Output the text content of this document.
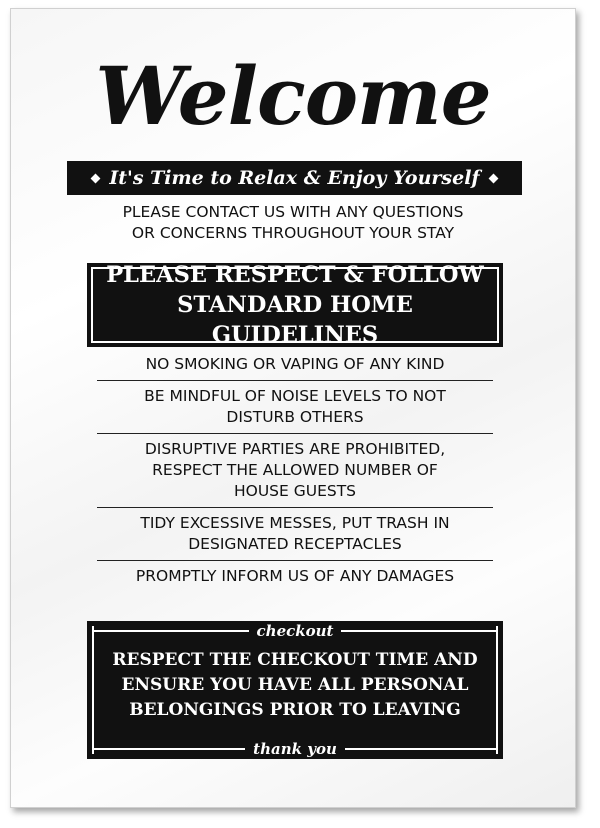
Welcome
It's Time to Relax & Enjoy Yourself
PLEASE CONTACT US WITH ANY QUESTIONS
OR CONCERNS THROUGHOUT YOUR STAY
PLEASE RESPECT & FOLLOW
STANDARD HOME GUIDELINES
NO SMOKING OR VAPING OF ANY KIND
BE MINDFUL OF NOISE LEVELS TO NOT
DISTURB OTHERS
DISRUPTIVE PARTIES ARE PROHIBITED,
RESPECT THE ALLOWED NUMBER OF
HOUSE GUESTS
TIDY EXCESSIVE MESSES, PUT TRASH IN
DESIGNATED RECEPTACLES
PROMPTLY INFORM US OF ANY DAMAGES
checkout
RESPECT THE CHECKOUT TIME AND
ENSURE YOU HAVE ALL PERSONAL
BELONGINGS PRIOR TO LEAVING
thank you
